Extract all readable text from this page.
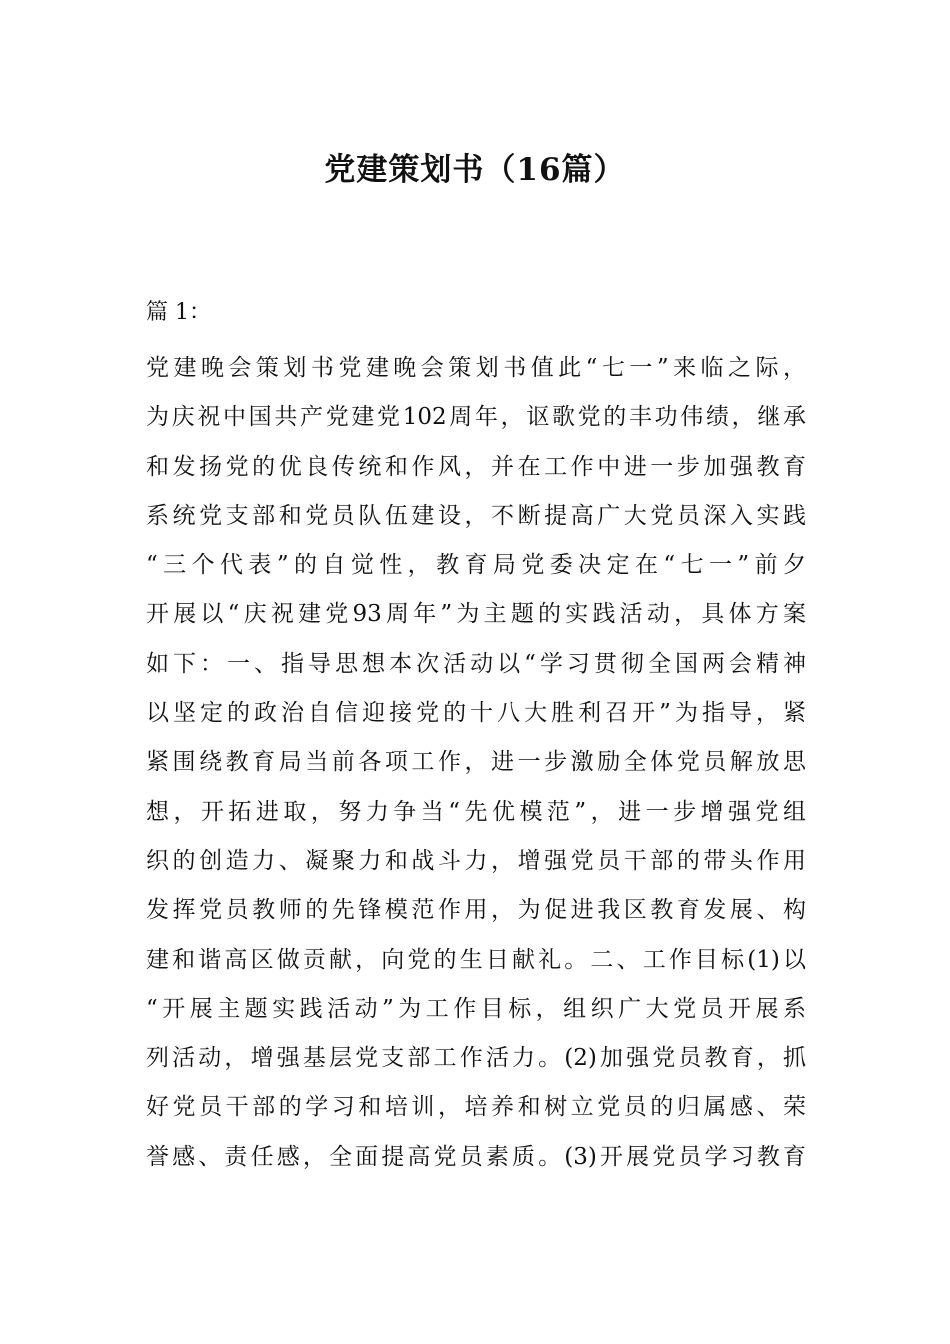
党建策划书（16篇）

篇 1：

党建晚会策划书党建晚会策划书值此“七一”来临之际，
为庆祝中国共产党建党102周年，讴歌党的丰功伟绩，继承
和发扬党的优良传统和作风，并在工作中进一步加强教育
系统党支部和党员队伍建设，不断提高广大党员深入实践
“三个代表”的自觉性，教育局党委决定在“七一”前夕
开展以“庆祝建党93周年”为主题的实践活动，具体方案
如下：一、指导思想本次活动以“学习贯彻全国两会精神
以坚定的政治自信迎接党的十八大胜利召开”为指导，紧
紧围绕教育局当前各项工作，进一步激励全体党员解放思
想，开拓进取，努力争当“先优模范”，进一步增强党组
织的创造力、凝聚力和战斗力，增强党员干部的带头作用
发挥党员教师的先锋模范作用，为促进我区教育发展、构
建和谐高区做贡献，向党的生日献礼。二、工作目标(1)以
“开展主题实践活动”为工作目标，组织广大党员开展系
列活动，增强基层党支部工作活力。(2)加强党员教育，抓
好党员干部的学习和培训，培养和树立党员的归属感、荣
誉感、责任感，全面提高党员素质。(3)开展党员学习教育
